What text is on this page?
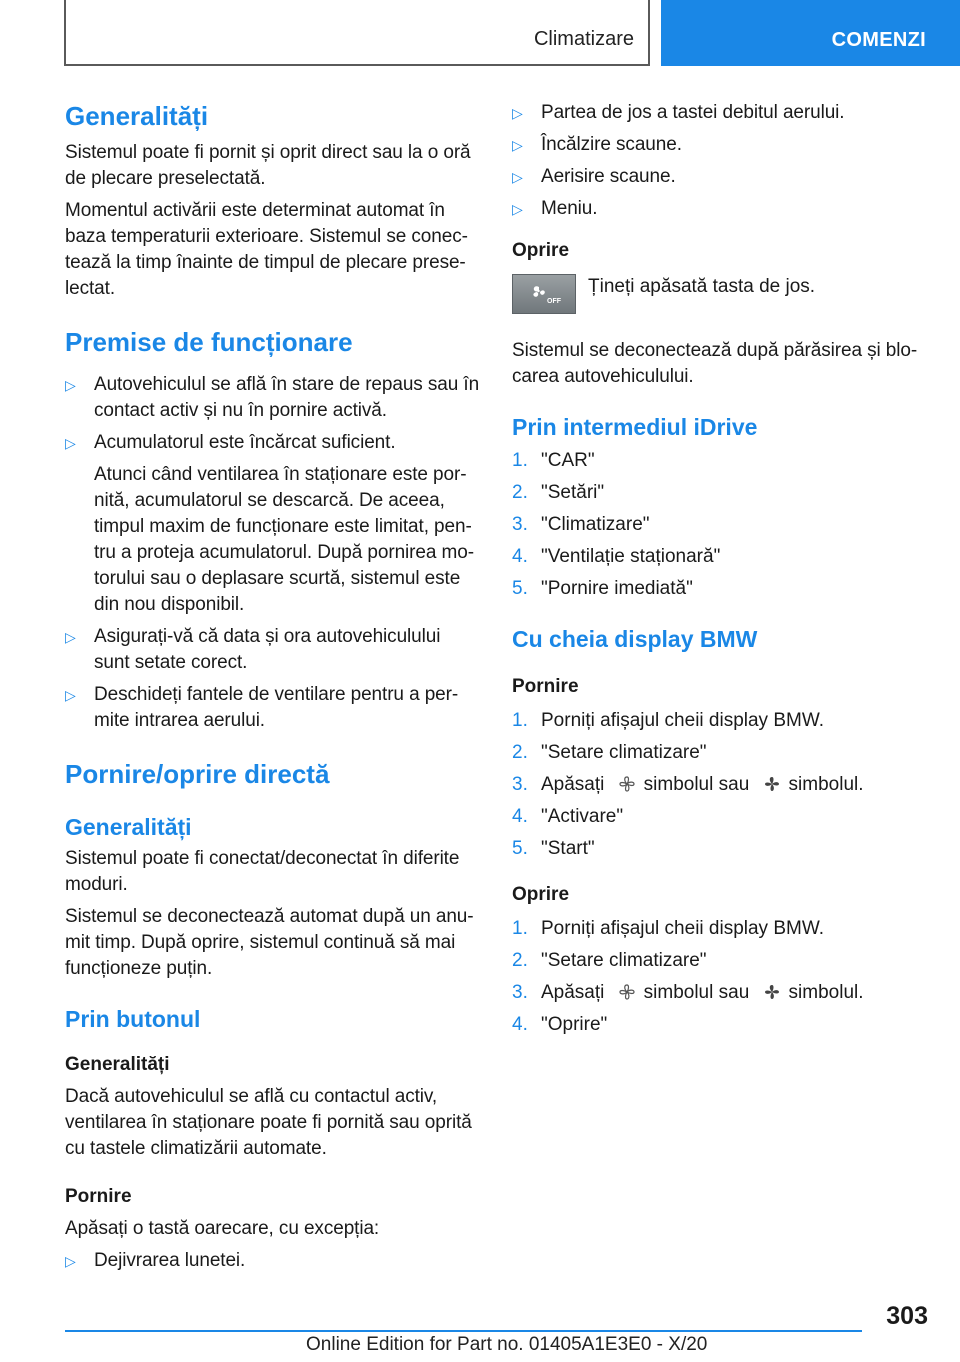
Climatizare	COMENZI
Generalități

Sistemul poate fi pornit și oprit direct sau la o oră de plecare preselectată.

Momentul activării este determinat automat în baza temperaturii exterioare. Sistemul se conec‐tează la timp înainte de timpul de plecare prese‐lectat.

Premise de funcționare
▷ Autovehiculul se află în stare de repaus sau în contact activ și nu în pornire activă.
▷ Acumulatorul este încărcat suficient.
Atunci când ventilarea în staționare este por‐nită, acumulatorul se descarcă. De aceea, timpul maxim de funcționare este limitat, pen‐tru a proteja acumulatorul. După pornirea mo‐torului sau o deplasare scurtă, sistemul este din nou disponibil.
▷ Asigurați-vă că data și ora autovehiculului sunt setate corect.
▷ Deschideți fantele de ventilare pentru a per‐mite intrarea aerului.
Pornire/oprire directă
Generalități

Sistemul poate fi conectat/deconectat în diferite moduri.

Sistemul se deconectează automat după un anu‐mit timp. După oprire, sistemul continuă să mai funcționeze puțin.

Prin butonul
Generalități

Dacă autovehiculul se află cu contactul activ, ventilarea în staționare poate fi pornită sau oprită cu tastele climatizării automate.

Pornire

Apăsați o tastă oarecare, cu excepția:

▷ Dejivrarea lunetei.
▷ Partea de jos a tastei debitul aerului.
▷ Încălzire scaune.
▷ Aerisire scaune.
▷ Meniu.
Oprire
OFF
Țineți apăsată tasta de jos.

Sistemul se deconectează după părăsirea și blo‐carea autovehiculului.

Prin intermediul iDrive
1. "CAR"
2. "Setări"
3. "Climatizare"
4. "Ventilație staționară"
5. "Pornire imediată"
Cu cheia display BMW
Pornire
1. Porniți afișajul cheii display BMW.
2. "Setare climatizare"
3. Apăsați simbolul sau simbolul.
4. "Activare"
5. "Start"
Oprire
1. Porniți afișajul cheii display BMW.
2. "Setare climatizare"
3. Apăsați simbolul sau simbolul.
4. "Oprire"
303
Online Edition for Part no. 01405A1E3E0 - X/20
